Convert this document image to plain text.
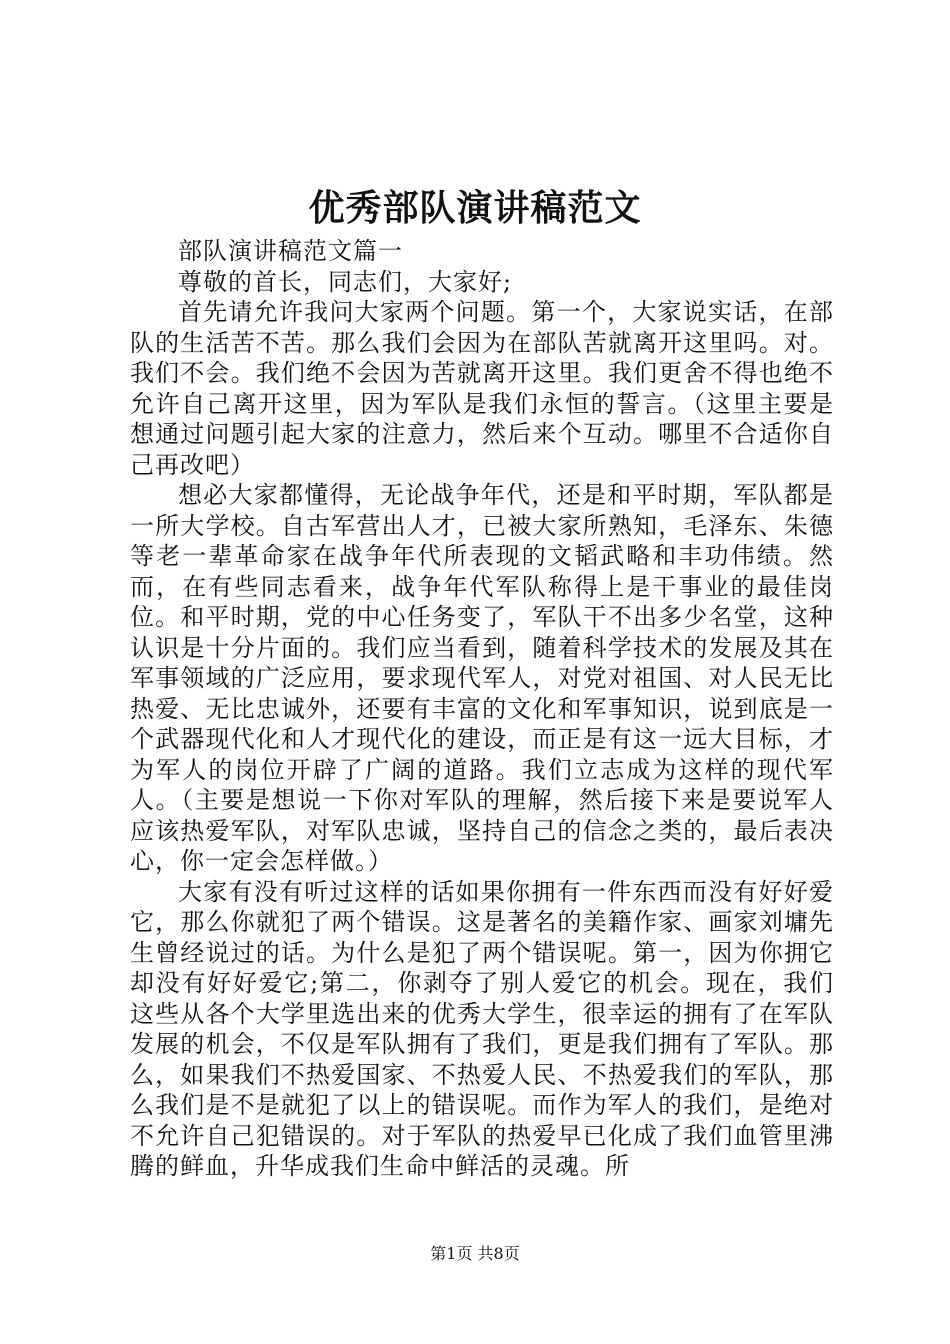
优秀部队演讲稿范文

部队演讲稿范文篇一

尊敬的首长，同志们，大家好;

首先请允许我问大家两个问题。第一个，大家说实话，在部队的生活苦不苦。那么我们会因为在部队苦就离开这里吗。对。我们不会。我们绝不会因为苦就离开这里。我们更舍不得也绝不允许自己离开这里，因为军队是我们永恒的誓言。（这里主要是想通过问题引起大家的注意力，然后来个互动。哪里不合适你自己再改吧）

想必大家都懂得，无论战争年代，还是和平时期，军队都是一所大学校。自古军营出人才，已被大家所熟知，毛泽东、朱德等老一辈革命家在战争年代所表现的文韬武略和丰功伟绩。然而，在有些同志看来，战争年代军队称得上是干事业的最佳岗位。和平时期，党的中心任务变了，军队干不出多少名堂，这种认识是十分片面的。我们应当看到，随着科学技术的发展及其在军事领域的广泛应用，要求现代军人，对党对祖国、对人民无比热爱、无比忠诚外，还要有丰富的文化和军事知识，说到底是一个武器现代化和人才现代化的建设，而正是有这一远大目标，才为军人的岗位开辟了广阔的道路。我们立志成为这样的现代军人。（主要是想说一下你对军队的理解，然后接下来是要说军人应该热爱军队，对军队忠诚，坚持自己的信念之类的，最后表决心，你一定会怎样做。）

大家有没有听过这样的话如果你拥有一件东西而没有好好爱它，那么你就犯了两个错误。这是著名的美籍作家、画家刘墉先生曾经说过的话。为什么是犯了两个错误呢。第一，因为你拥它却没有好好爱它;第二，你剥夺了别人爱它的机会。现在，我们这些从各个大学里选出来的优秀大学生，很幸运的拥有了在军队发展的机会，不仅是军队拥有了我们，更是我们拥有了军队。那么，如果我们不热爱国家、不热爱人民、不热爱我们的军队，那么我们是不是就犯了以上的错误呢。而作为军人的我们，是绝对不允许自己犯错误的。对于军队的热爱早已化成了我们血管里沸腾的鲜血，升华成我们生命中鲜活的灵魂。所

第1页 共8页
